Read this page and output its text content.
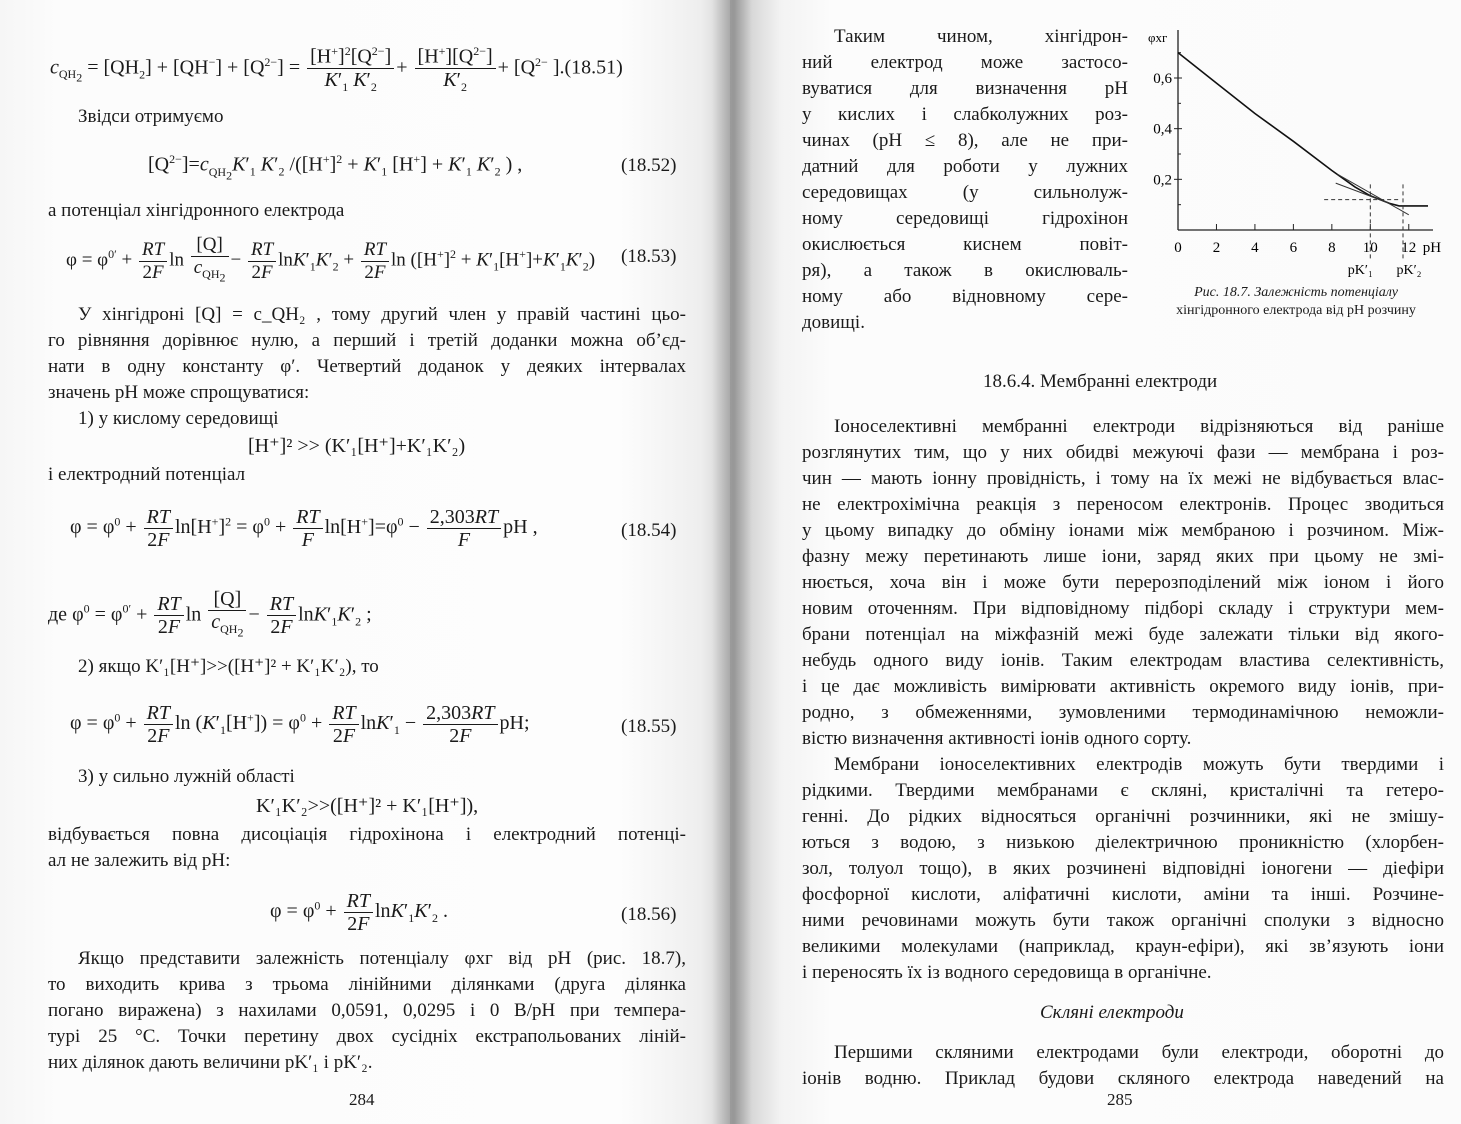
$c_{QH_2} = [QH_2] + [QH^-] + [Q^{2-}] = \frac{[H^+]^2[Q^{2-}]}{K'_1 K'_2} + \frac{[H^+][Q^{2-}]}{K'_2} + [Q^{2-}$ ].(18.51)
Звідси отримуємо
$[Q^{2-}]=c_{QH_2}K'_1$ $K'_2$ $/([H^+]^2 + K'_1$ $[H^+] + K'_1$ $K'_2$ ) ,	(18.52)
а потенціал хінгідронного електрода
$\varphi = \varphi^{0'} + \frac{RT}{2F}$ $\ln \frac{[Q]}{c_{QH_2}} - \frac{RT}{2F} \ln K'_1K'_2 + \frac{RT}{2F}$ $\ln ([H^+]^2 + K'_1[H^+]+K'_1K'_2)$ (18.53)
У хінгідроні [Q] = c_QH₂ , тому другий член у правій частині цьо-
го рівняння дорівнює нулю, а перший і третій доданки можна об’єд-
нати в одну константу φ′. Четвертий доданок у деяких інтервалах
значень pH може спрощуватися:
1) у кислому середовищі
[H⁺]² >> (K′₁[H⁺]+K′₁K′₂)
і електродний потенціал
$\varphi = \varphi^0 + \frac{RT}{2F} \ln[H^+]^2 = \varphi^0 + \frac{RT}{F} \ln[H^+]=\varphi^0 - \frac{2,303RT}{F}$ pH ,	(18.54)
де $\varphi^0 = \varphi^{0'} + \frac{RT}{2F}$ $\ln \frac{[Q]}{c_{QH_2}} - \frac{RT}{2F} \ln K'_1K'_2$ ;
2) якщо K′₁[H⁺]>>([H⁺]² + K′₁K′₂), то
$\varphi = \varphi^0 + \frac{RT}{2F}$ $\ln (K'_1[H^+]) = \varphi^0 + \frac{RT}{2F} \ln K'_1 - \frac{2,303RT}{2F}$ pH;	(18.55)
3) у сильно лужній області
K′₁K′₂>>([H⁺]² + K′₁[H⁺]),
відбувається повна дисоціація гідрохінона і електродний потенці-
ал не залежить від pH:
$\varphi = \varphi^0 + \frac{RT}{2F} \ln K'_1K'_2$ .	(18.56)
Якщо представити залежність потенціалу φхг від pH (рис. 18.7),
то виходить крива з трьома лінійними ділянками (друга ділянка
погано виражена) з нахилами 0,0591, 0,0295 і 0 В/pH при темпера-
турі 25 °С. Точки перетину двох сусідніх екстрапольованих ліній-
них ділянок дають величини pK′₁ і pK′₂.
284
Таким чином, хінгідрон-
ний електрод може застосо-
вуватися для визначення pH
у кислих і слабколужних роз-
чинах (pH ≤ 8), але не при-
датний для роботи у лужних
середовищах (у сильнолуж-
ному середовищі гідрохінон
окислюється киснем повіт-
ря), а також в окислюваль-
ному або відновному сере-
довищі.
φхг
0,2
0,4
0,6
0 2 4 6 8 10 12 pH
pK′₁ pK′₂
Рис. 18.7. Залежність потенціалу
хінгідронного електрода від pH розчину
18.6.4. Мембранні електроди
Іоноселективні мембранні електроди відрізняються від раніше
розглянутих тим, що у них обидві межуючі фази — мембрана і роз-
чин — мають іонну провідність, і тому на їх межі не відбувається влас-
не електрохімічна реакція з переносом електронів. Процес зводиться
у цьому випадку до обміну іонами між мембраною і розчином. Між-
фазну межу перетинають лише іони, заряд яких при цьому не змі-
нюється, хоча він і може бути перерозподілений між іоном і його
новим оточенням. При відповідному підборі складу і структури мем-
брани потенціал на міжфазній межі буде залежати тільки від якого-
небудь одного виду іонів. Таким електродам властива селективність,
і це дає можливість вимірювати активність окремого виду іонів, при-
родно, з обмеженнями, зумовленими термодинамічною неможли-
вістю визначення активності іонів одного сорту.
Мембрани іоноселективних електродів можуть бути твердими і
рідкими. Твердими мембранами є скляні, кристалічні та гетеро-
генні. До рідких відносяться органічні розчинники, які не змішу-
ються з водою, з низькою діелектричною проникністю (хлорбен-
зол, толуол тощо), в яких розчинені відповідні іоногени — діефіри
фосфорної кислоти, аліфатичні кислоти, аміни та інші. Розчине-
ними речовинами можуть бути також органічні сполуки з відносно
великими молекулами (наприклад, краун-ефіри), які зв’язують іони
і переносять їх із водного середовища в органічне.
Скляні електроди
Першими скляними електродами були електроди, оборотні до
іонів водню. Приклад будови скляного електрода наведений на
285
